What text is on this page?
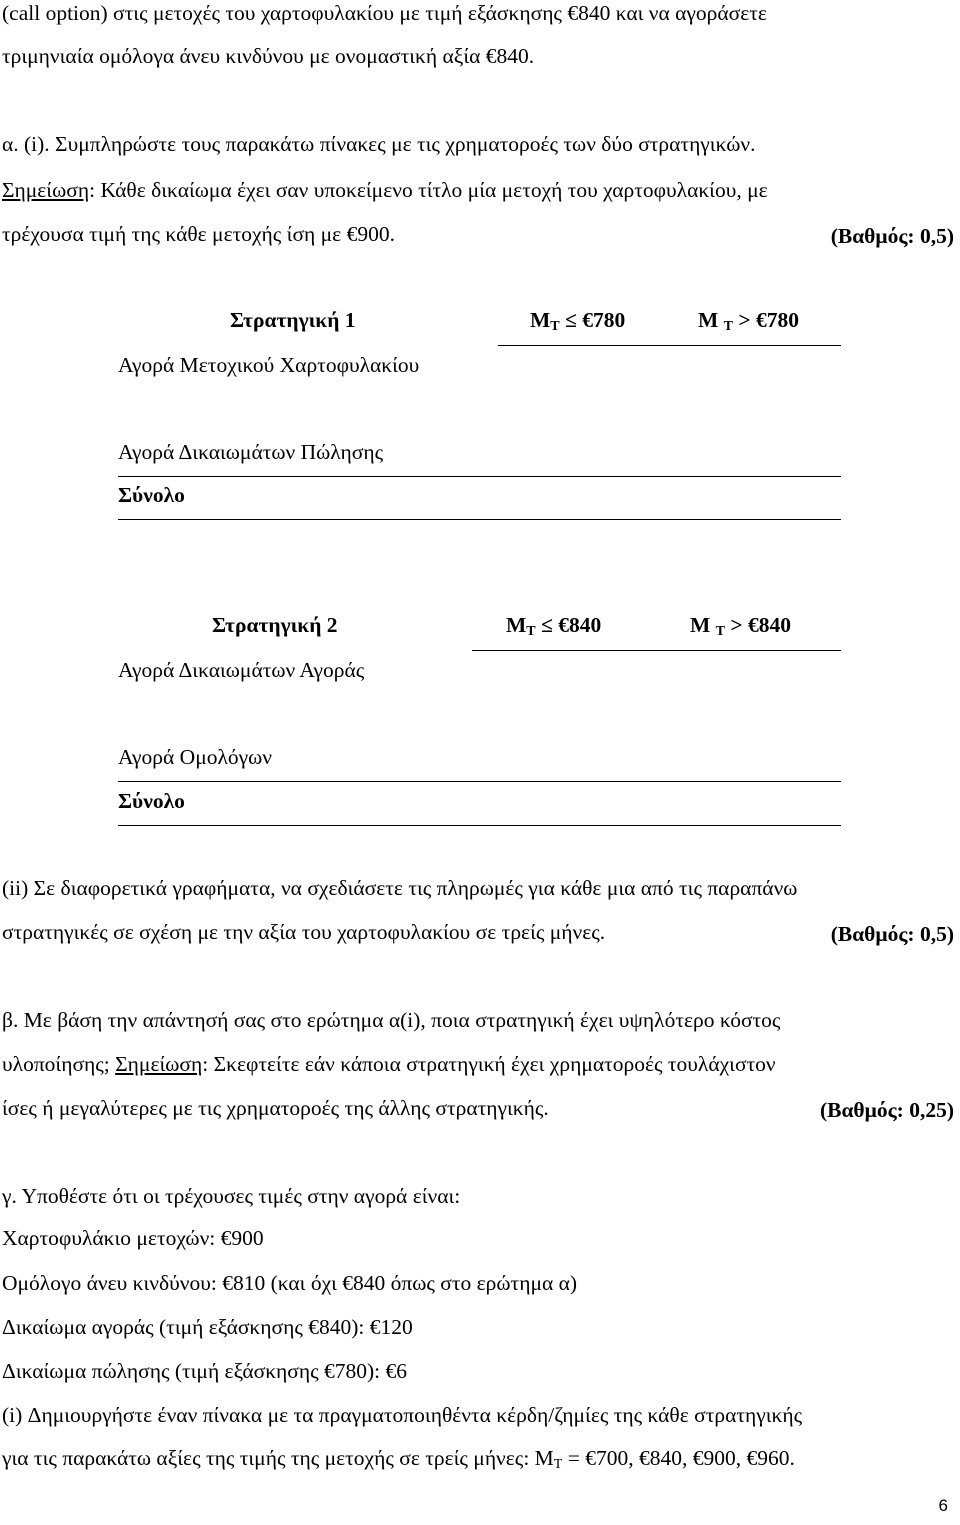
(call option) στις μετοχές του χαρτοφυλακίου με τιμή εξάσκησης €840 και να αγοράσετε
τριμηνιαία ομόλογα άνευ κινδύνου με ονομαστική αξία €840.
α. (i). Συμπληρώστε τους παρακάτω πίνακες με τις χρηματοροές των δύο στρατηγικών.
Σημείωση: Κάθε δικαίωμα έχει σαν υποκείμενο τίτλο μία μετοχή του χαρτοφυλακίου, με
τρέχουσα τιμή της κάθε μετοχής ίση με €900.	(Βαθμός: 0,5)
Στρατηγική 1	$M_T$ ≤ €780	M $_T$ > €780
Αγορά Μετοχικού Χαρτοφυλακίου
Αγορά Δικαιωμάτων Πώλησης
Σύνολο
Στρατηγική 2	$M_T$ ≤ €840	M $_T$ > €840
Αγορά Δικαιωμάτων Αγοράς
Αγορά Ομολόγων
Σύνολο
(ii) Σε διαφορετικά γραφήματα, να σχεδιάσετε τις πληρωμές για κάθε μια από τις παραπάνω
στρατηγικές σε σχέση με την αξία του χαρτοφυλακίου σε τρείς μήνες.	(Βαθμός: 0,5)
β. Με βάση την απάντησή σας στο ερώτημα α(i), ποια στρατηγική έχει υψηλότερο κόστος
υλοποίησης; Σημείωση: Σκεφτείτε εάν κάποια στρατηγική έχει χρηματοροές τουλάχιστον
ίσες ή μεγαλύτερες με τις χρηματοροές της άλλης στρατηγικής.	(Βαθμός: 0,25)
γ. Υποθέστε ότι οι τρέχουσες τιμές στην αγορά είναι:
Χαρτοφυλάκιο μετοχών: €900
Ομόλογο άνευ κινδύνου: €810 (και όχι €840 όπως στο ερώτημα α)
Δικαίωμα αγοράς (τιμή εξάσκησης €840): €120
Δικαίωμα πώλησης (τιμή εξάσκησης €780): €6
(i) Δημιουργήστε έναν πίνακα με τα πραγματοποιηθέντα κέρδη/ζημίες της κάθε στρατηγικής
για τις παρακάτω αξίες της τιμής της μετοχής σε τρείς μήνες: $M_T$ = €700, €840, €900, €960.
6
